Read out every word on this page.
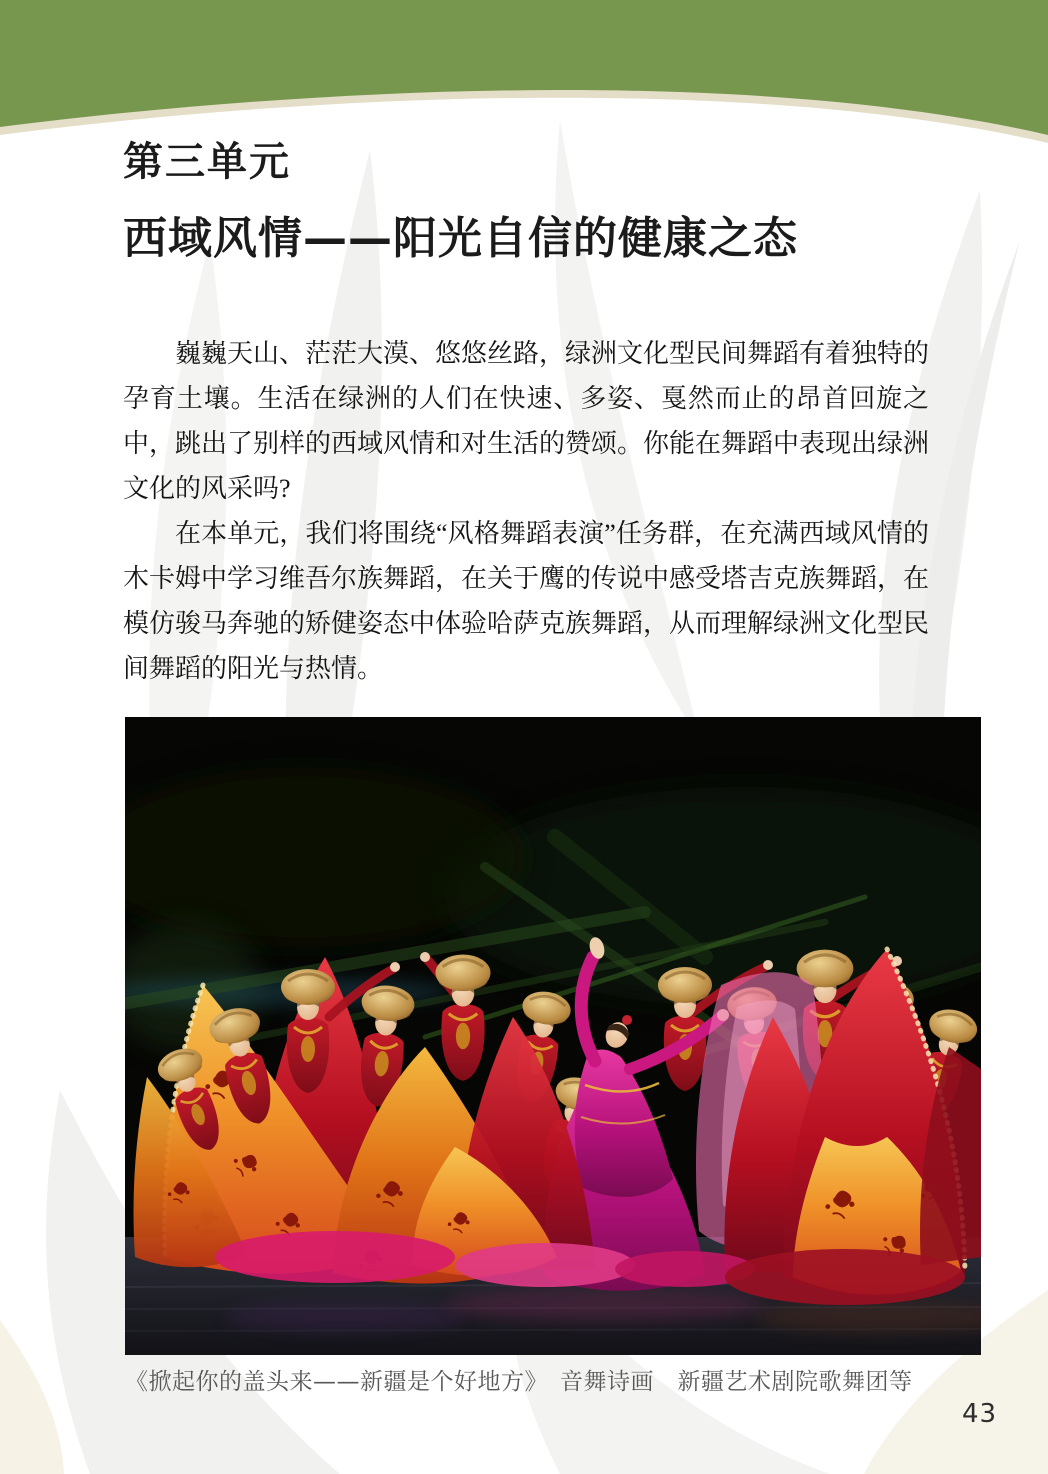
第三单元
西域风情——阳光自信的健康之态

巍巍天山、茫茫大漠、悠悠丝路，绿洲文化型民间舞蹈有着独特的孕育土壤。生活在绿洲的人们在快速、多姿、戛然而止的昂首回旋之中，跳出了别样的西域风情和对生活的赞颂。你能在舞蹈中表现出绿洲文化的风采吗?

在本单元，我们将围绕“风格舞蹈表演”任务群，在充满西域风情的木卡姆中学习维吾尔族舞蹈，在关于鹰的传说中感受塔吉克族舞蹈，在模仿骏马奔驰的矫健姿态中体验哈萨克族舞蹈，从而理解绿洲文化型民间舞蹈的阳光与热情。

《掀起你的盖头来——新疆是个好地方》　音舞诗画　新疆艺术剧院歌舞团等
43
